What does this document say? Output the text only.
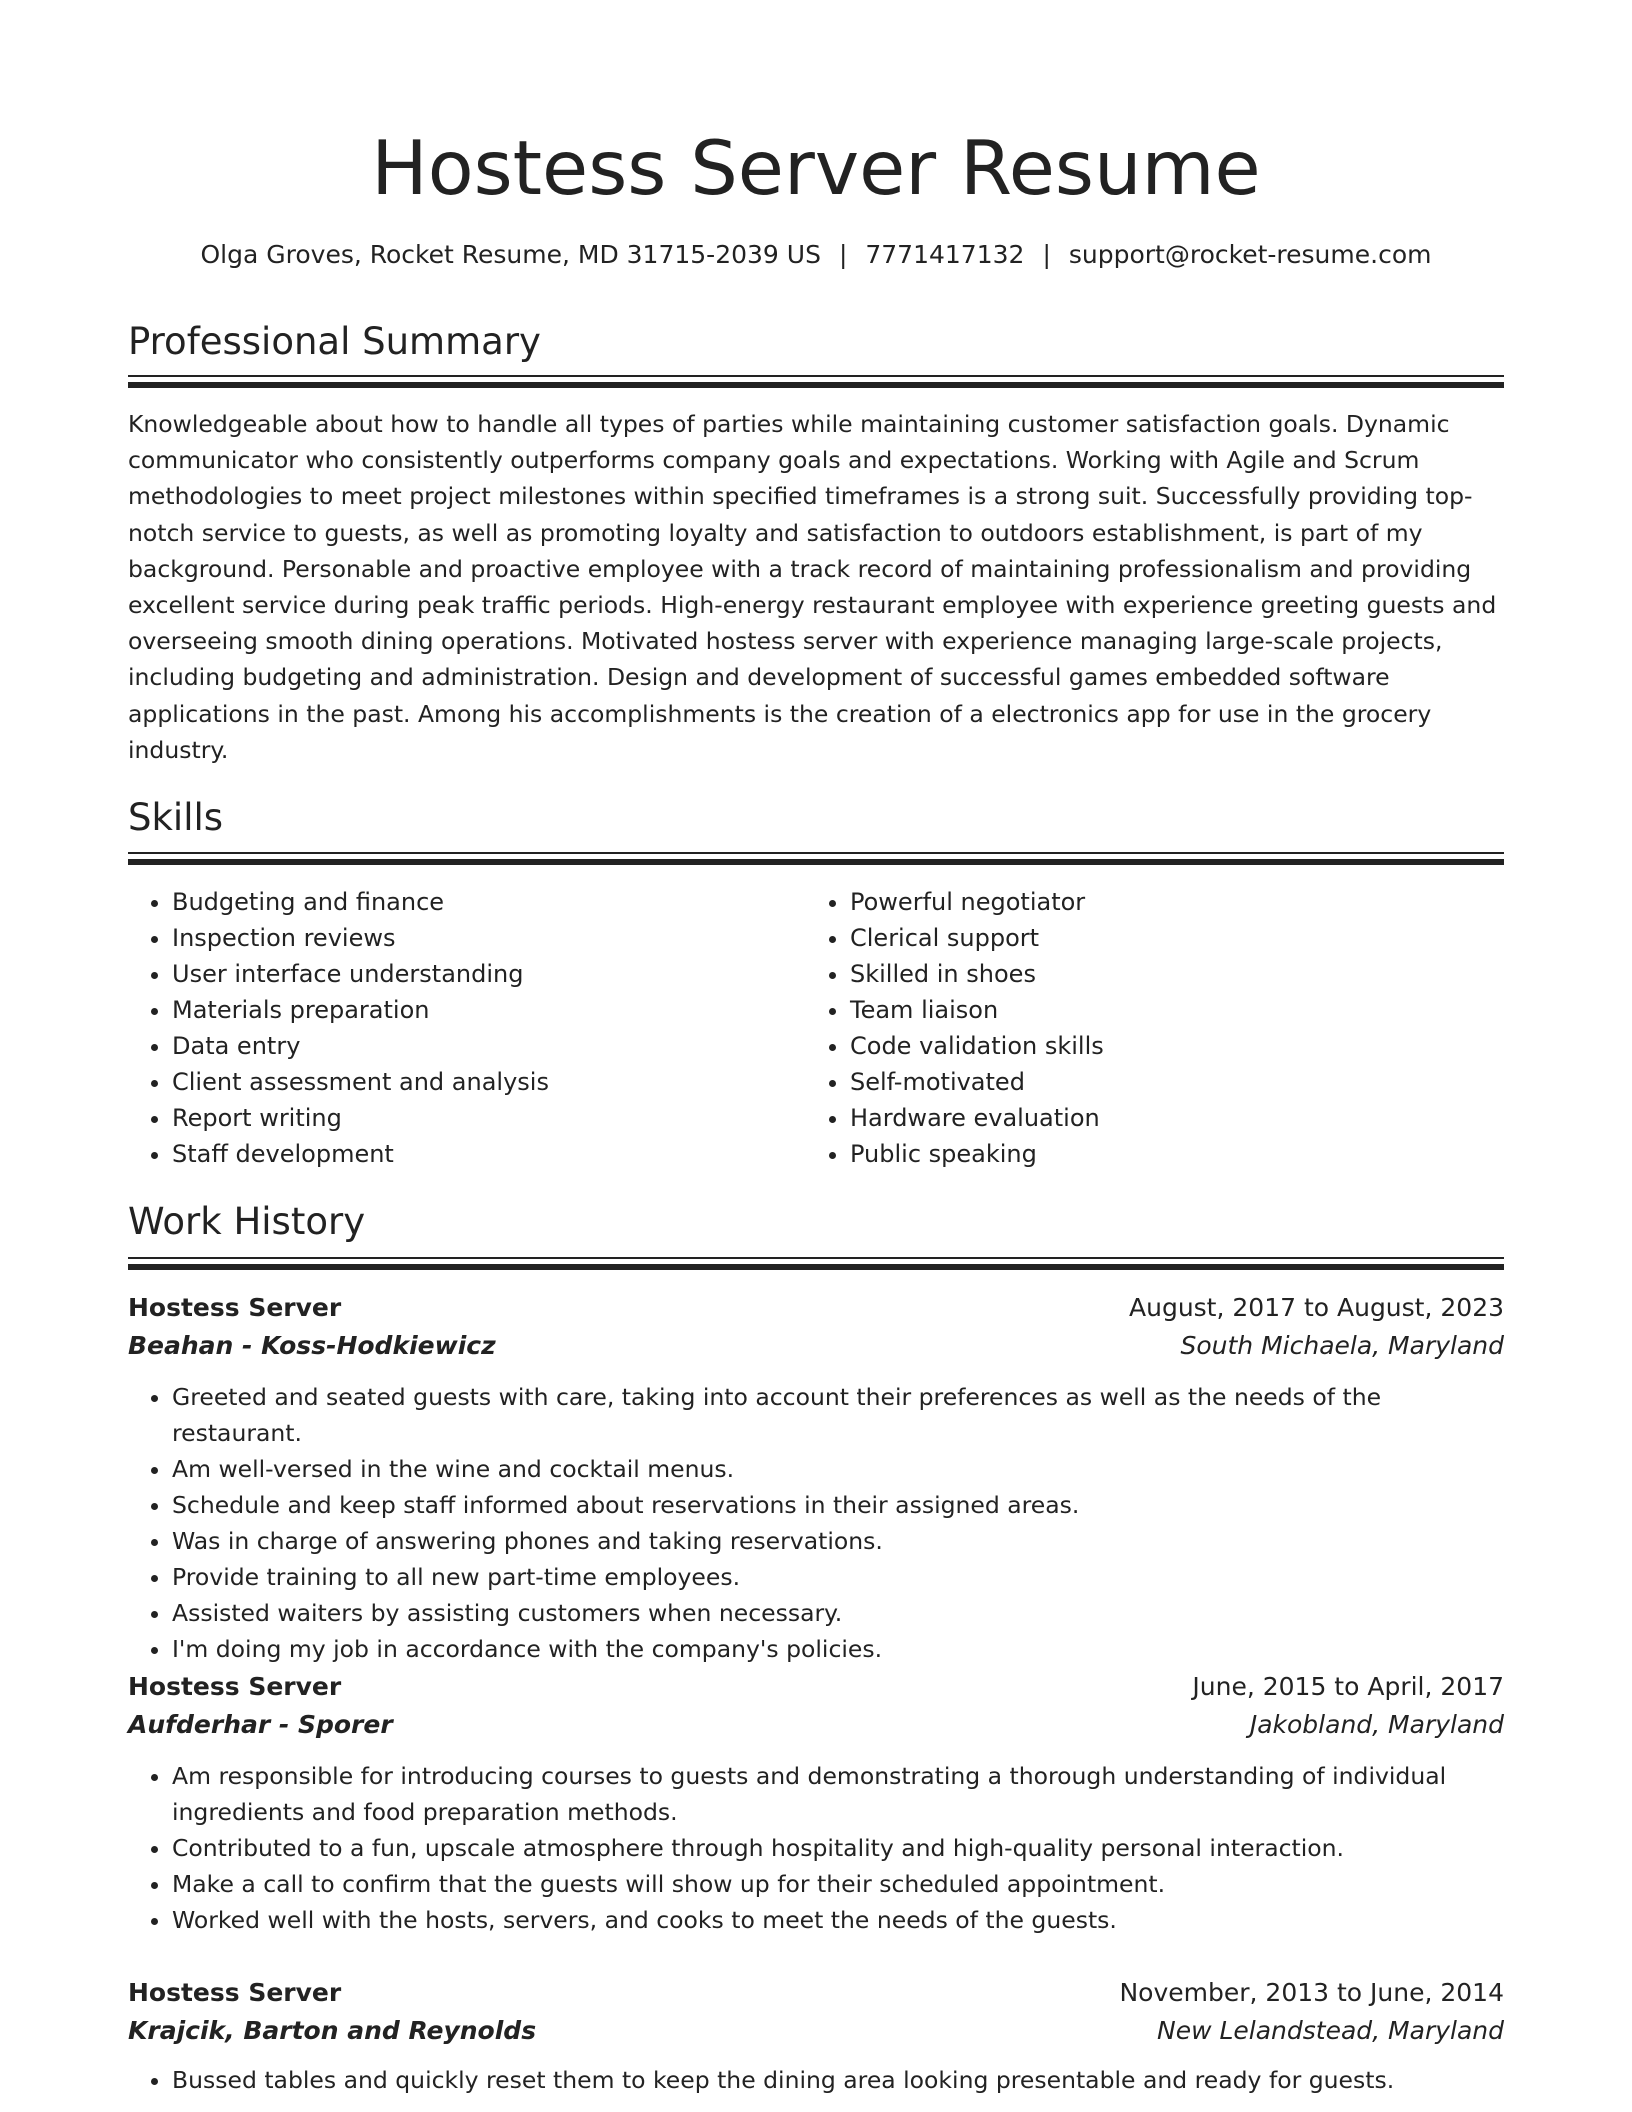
Hostess Server Resume
Olga Groves, Rocket Resume, MD 31715-2039 US | 7771417132 | support@rocket-resume.com
Professional Summary

Knowledgeable about how to handle all types of parties while maintaining customer satisfaction goals. Dynamic communicator who consistently outperforms company goals and expectations. Working with Agile and Scrum methodologies to meet project milestones within specified timeframes is a strong suit. Successfully providing top-notch service to guests, as well as promoting loyalty and satisfaction to outdoors establishment, is part of my background. Personable and proactive employee with a track record of maintaining professionalism and providing excellent service during peak traffic periods. High-energy restaurant employee with experience greeting guests and overseeing smooth dining operations. Motivated hostess server with experience managing large-scale projects, including budgeting and administration. Design and development of successful games embedded software applications in the past. Among his accomplishments is the creation of a electronics app for use in the grocery industry.

Skills
• Budgeting and finance
• Inspection reviews
• User interface understanding
• Materials preparation
• Data entry
• Client assessment and analysis
• Report writing
• Staff development
• Powerful negotiator
• Clerical support
• Skilled in shoes
• Team liaison
• Code validation skills
• Self-motivated
• Hardware evaluation
• Public speaking
Work History
Hostess Server	August, 2017 to August, 2023
Beahan - Koss-Hodkiewicz	South Michaela, Maryland
• Greeted and seated guests with care, taking into account their preferences as well as the needs of the restaurant.
• Am well-versed in the wine and cocktail menus.
• Schedule and keep staff informed about reservations in their assigned areas.
• Was in charge of answering phones and taking reservations.
• Provide training to all new part-time employees.
• Assisted waiters by assisting customers when necessary.
• I'm doing my job in accordance with the company's policies.
Hostess Server	June, 2015 to April, 2017
Aufderhar - Sporer	Jakobland, Maryland
• Am responsible for introducing courses to guests and demonstrating a thorough understanding of individual ingredients and food preparation methods.
• Contributed to a fun, upscale atmosphere through hospitality and high-quality personal interaction.
• Make a call to confirm that the guests will show up for their scheduled appointment.
• Worked well with the hosts, servers, and cooks to meet the needs of the guests.
Hostess Server	November, 2013 to June, 2014
Krajcik, Barton and Reynolds	New Lelandstead, Maryland
• Bussed tables and quickly reset them to keep the dining area looking presentable and ready for guests.
